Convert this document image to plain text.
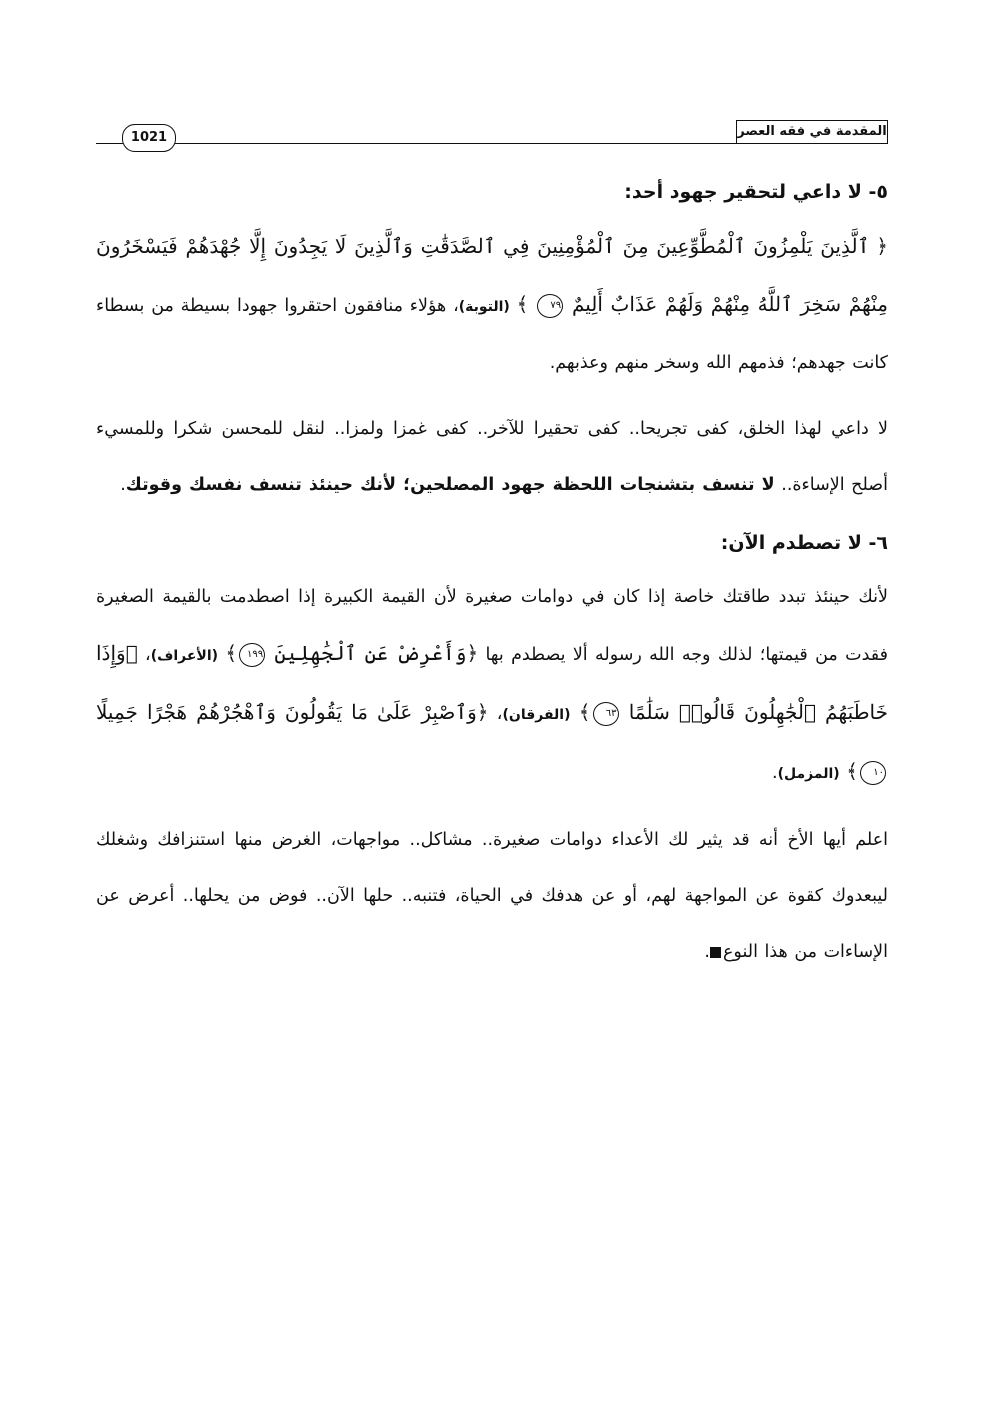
1021	المقدمة في فقه العصر
٥- لا داعي لتحقير جهود أحد:

﴿ ٱلَّذِينَ يَلْمِزُونَ ٱلْمُطَّوِّعِينَ مِنَ ٱلْمُؤْمِنِينَ فِي ٱلصَّدَقَٰتِ وَٱلَّذِينَ لَا يَجِدُونَ إِلَّا جُهْدَهُمْ فَيَسْخَرُونَ مِنْهُمْ سَخِرَ ٱللَّهُ مِنْهُمْ وَلَهُمْ عَذَابٌ أَلِيمٌ ٧٩ ﴾ (التوبة)، هؤلاء منافقون احتقروا جهودا بسيطة من بسطاء كانت جهدهم؛ فذمهم الله وسخر منهم وعذبهم.

لا داعي لهذا الخلق، كفى تجريحا.. كفى تحقيرا للآخر.. كفى غمزا ولمزا.. لنقل للمحسن شكرا وللمسيء أصلح الإساءة.. لا تنسف بتشنجات اللحظة جهود المصلحين؛ لأنك حينئذ تنسف نفسك وقوتك.

٦- لا تصطدم الآن:

لأنك حينئذ تبدد طاقتك خاصة إذا كان في دوامات صغيرة لأن القيمة الكبيرة إذا اصطدمت بالقيمة الصغيرة فقدت من قيمتها؛ لذلك وجه الله رسوله ألا يصطدم بها ﴿وَأَعْرِضْ عَنِ ٱلْجَٰهِلِينَ ١٩٩﴾ (الأعراف)، ﴿وَإِذَا خَاطَبَهُمُ ٱلْجَٰهِلُونَ قَالُوا۟ سَلَٰمًا ٦٣﴾ (الفرقان)، ﴿وَٱصْبِرْ عَلَىٰ مَا يَقُولُونَ وَٱهْجُرْهُمْ هَجْرًا جَمِيلًا ١٠﴾ (المزمل).

اعلم أيها الأخ أنه قد يثير لك الأعداء دوامات صغيرة.. مشاكل.. مواجهات، الغرض منها استنزافك وشغلك ليبعدوك كقوة عن المواجهة لهم، أو عن هدفك في الحياة، فتنبه.. حلها الآن.. فوض من يحلها.. أعرض عن الإساءات من هذا النوع.
